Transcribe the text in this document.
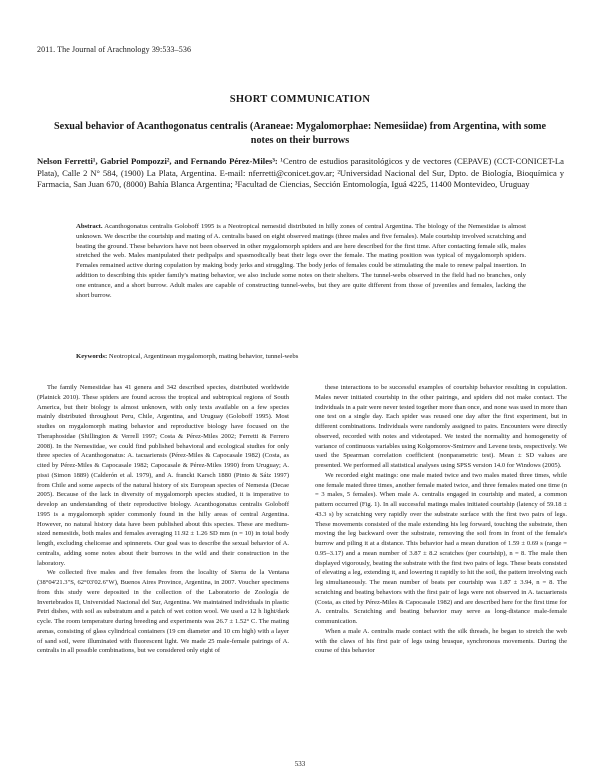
2011. The Journal of Arachnology 39:533–536
SHORT COMMUNICATION
Sexual behavior of Acanthogonatus centralis (Araneae: Mygalomorphae: Nemesiidae) from Argentina, with some notes on their burrows
Nelson Ferretti¹, Gabriel Pompozzi², and Fernando Pérez-Miles³: ¹Centro de estudios parasitológicos y de vectores (CEPAVE) (CCT-CONICET-La Plata), Calle 2 N° 584, (1900) La Plata, Argentina. E-mail: nferretti@conicet.gov.ar; ²Universidad Nacional del Sur, Dpto. de Biología, Bioquímica y Farmacia, San Juan 670, (8000) Bahía Blanca Argentina; ³Facultad de Ciencias, Sección Entomología, Iguá 4225, 11400 Montevideo, Uruguay
Abstract. Acanthogonatus centralis Goloboff 1995 is a Neotropical nemesiid distributed in hilly zones of central Argentina. The biology of the Nemesiidae is almost unknown. We describe the courtship and mating of A. centralis based on eight observed matings (three males and five females). Male courtship involved scratching and beating the ground. These behaviors have not been observed in other mygalomorph spiders and are here described for the first time. After contacting female silk, males stretched the web. Males manipulated their pedipalps and spasmodically beat their legs over the female. The mating position was typical of mygalomorph spiders. Females remained active during copulation by making body jerks and struggling. The body jerks of females could be stimulating the male to renew palpal insertion. In addition to describing this spider family's mating behavior, we also include some notes on their shelters. The tunnel-webs observed in the field had no branches, only one entrance, and a short burrow. Adult males are capable of constructing tunnel-webs, but they are quite different from those of juveniles and females, lacking the short burrow.
Keywords: Neotropical, Argentinean mygalomorph, mating behavior, tunnel-webs

The family Nemesiidae has 41 genera and 342 described species, distributed worldwide (Platnick 2010). These spiders are found across the tropical and subtropical regions of South America, but their biology is almost unknown, with only texts available on a few species mainly distributed throughout Peru, Chile, Argentina, and Uruguay (Goloboff 1995). Most studies on mygalomorph mating behavior and reproductive biology have focused on the Theraphosidae (Shillington & Verrell 1997; Costa & Pérez-Miles 2002; Ferretti & Ferrero 2008). In the Nemesiidae, we could find published behavioral and ecological studies for only three species of Acanthogonatus: A. tacuariensis (Pérez-Miles & Capocasale 1982) (Costa, as cited by Pérez-Miles & Capocasale 1982; Capocasale & Pérez-Miles 1990) from Uruguay; A. pissi (Simon 1889) (Calderón et al. 1979), and A. francki Karsch 1880 (Pinto & Sáiz 1997) from Chile and some aspects of the natural history of six European species of Nemesia (Decae 2005). Because of the lack in diversity of mygalomorph species studied, it is imperative to develop an understanding of their reproductive biology. Acanthogonatus centralis Goloboff 1995 is a mygalomorph spider commonly found in the hilly areas of central Argentina. However, no natural history data have been published about this species. These are medium-sized nemesiids, both males and females averaging 11.92 ± 1.26 SD mm (n = 10) in total body length, excluding chelicerae and spinnerets. Our goal was to describe the sexual behavior of A. centralis, adding some notes about their burrows in the wild and their construction in the laboratory.

We collected five males and five females from the locality of Sierra de la Ventana (38°04'21.3"S, 62°03'02.6"W), Buenos Aires Province, Argentina, in 2007. Voucher specimens from this study were deposited in the collection of the Laboratorio de Zoología de Invertebrados II, Universidad Nacional del Sur, Argentina. We maintained individuals in plastic Petri dishes, with soil as substratum and a patch of wet cotton wool. We used a 12 h light/dark cycle. The room temperature during breeding and experiments was 26.7 ± 1.52° C. The mating arenas, consisting of glass cylindrical containers (19 cm diameter and 10 cm high) with a layer of sand soil, were illuminated with fluorescent light. We made 25 male-female pairings of A. centralis in all possible combinations, but we considered only eight of

these interactions to be successful examples of courtship behavior resulting in copulation. Males never initiated courtship in the other pairings, and spiders did not make contact. The individuals in a pair were never tested together more than once, and none was used in more than one test on a single day. Each spider was reused one day after the first experiment, but in different combinations. Individuals were randomly assigned to pairs. Encounters were directly observed, recorded with notes and videotaped. We tested the normality and homogeneity of variance of continuous variables using Kolgomorov-Smirnov and Levene tests, respectively. We used the Spearman correlation coefficient (nonparametric test). Mean ± SD values are presented. We performed all statistical analyses using SPSS version 14.0 for Windows (2005).

We recorded eight matings: one male mated twice and two males mated three times, while one female mated three times, another female mated twice, and three females mated one time (n = 3 males, 5 females). When male A. centralis engaged in courtship and mated, a common pattern occurred (Fig. 1). In all successful matings males initiated courtship (latency of 59.18 ± 43.3 s) by scratching very rapidly over the substrate surface with the first two pairs of legs. These movements consisted of the male extending his leg forward, touching the substrate, then moving the leg backward over the substrate, removing the soil from in front of the female's burrow and piling it at a distance. This behavior had a mean duration of 1.59 ± 0.69 s (range = 0.95–3.17) and a mean number of 3.87 ± 8.2 scratches (per courtship), n = 8. The male then displayed vigorously, beating the substrate with the first two pairs of legs. These beats consisted of elevating a leg, extending it, and lowering it rapidly to hit the soil, the pattern involving each leg simultaneously. The mean number of beats per courtship was 1.87 ± 3.94, n = 8. The scratching and beating behaviors with the first pair of legs were not observed in A. tacuariensis (Costa, as cited by Pérez-Miles & Capocasale 1982) and are described here for the first time for A. centralis. Scratching and beating behavior may serve as long-distance male-female communication.

When a male A. centralis made contact with the silk threads, he began to stretch the web with the claws of his first pair of legs using brusque, synchronous movements. During the course of this behavior

533
